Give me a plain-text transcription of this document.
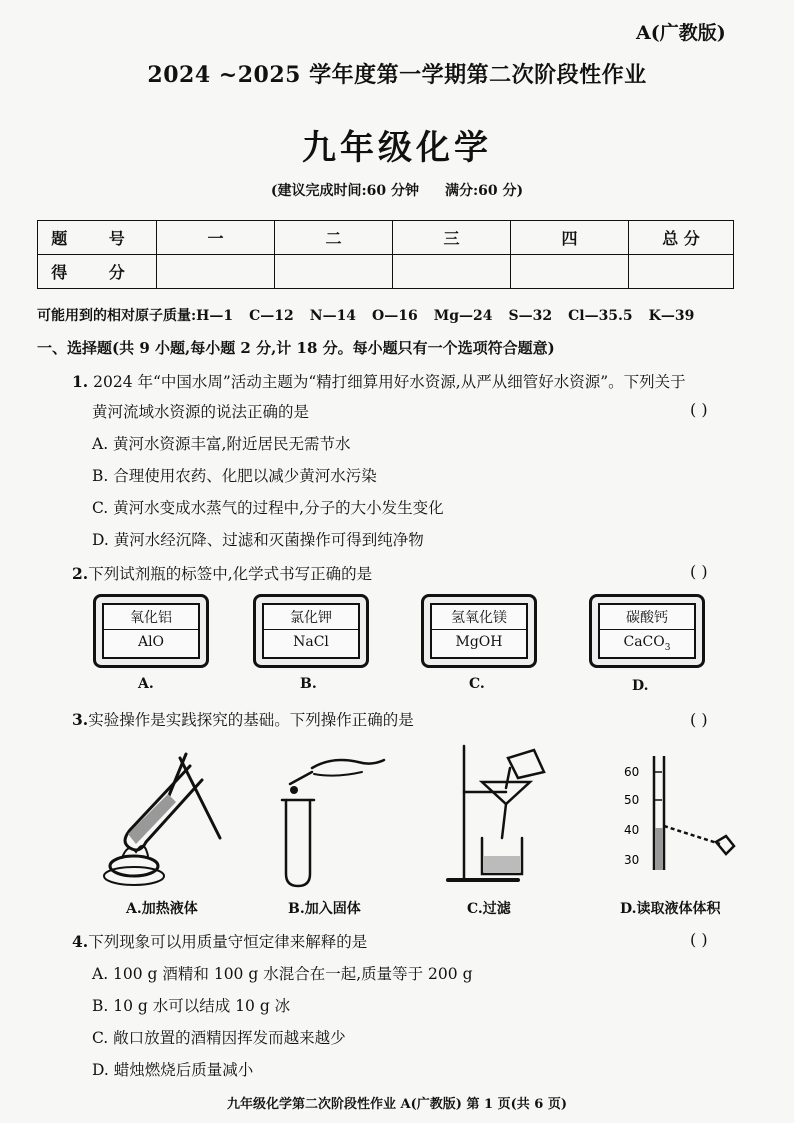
A(广教版)
2024 ~2025 学年度第一学期第二次阶段性作业
九年级化学
(建议完成时间:60 分钟 满分:60 分)
题 号	一	二	三	四	总 分
得 分					
可能用到的相对原子质量:H—1 C—12 N—14 O—16 Mg—24 S—32 Cl—35.5 K—39
一、选择题(共 9 小题,每小题 2 分,计 18 分。每小题只有一个选项符合题意)
1. 2024 年“中国水周”活动主题为“精打细算用好水资源,从严从细管好水资源”。下列关于
黄河流域水资源的说法正确的是	( )
A. 黄河水资源丰富,附近居民无需节水
B. 合理使用农药、化肥以减少黄河水污染
C. 黄河水变成水蒸气的过程中,分子的大小发生变化
D. 黄河水经沉降、过滤和灭菌操作可得到纯净物
2.下列试剂瓶的标签中,化学式书写正确的是	( )
氧化铝
AlO
氯化钾
NaCl
氢氧化镁
MgOH
碳酸钙
CaCO$_3$
A.	B.	C.	D.
3.实验操作是实践探究的基础。下列操作正确的是	( )
60
50
40
30
A.加热液体	B.加入固体	C.过滤	D.读取液体体积
4.下列现象可以用质量守恒定律来解释的是	( )
A. 100 g 酒精和 100 g 水混合在一起,质量等于 200 g
B. 10 g 水可以结成 10 g 冰
C. 敞口放置的酒精因挥发而越来越少
D. 蜡烛燃烧后质量减小
九年级化学第二次阶段性作业 A(广教版) 第 1 页(共 6 页)
